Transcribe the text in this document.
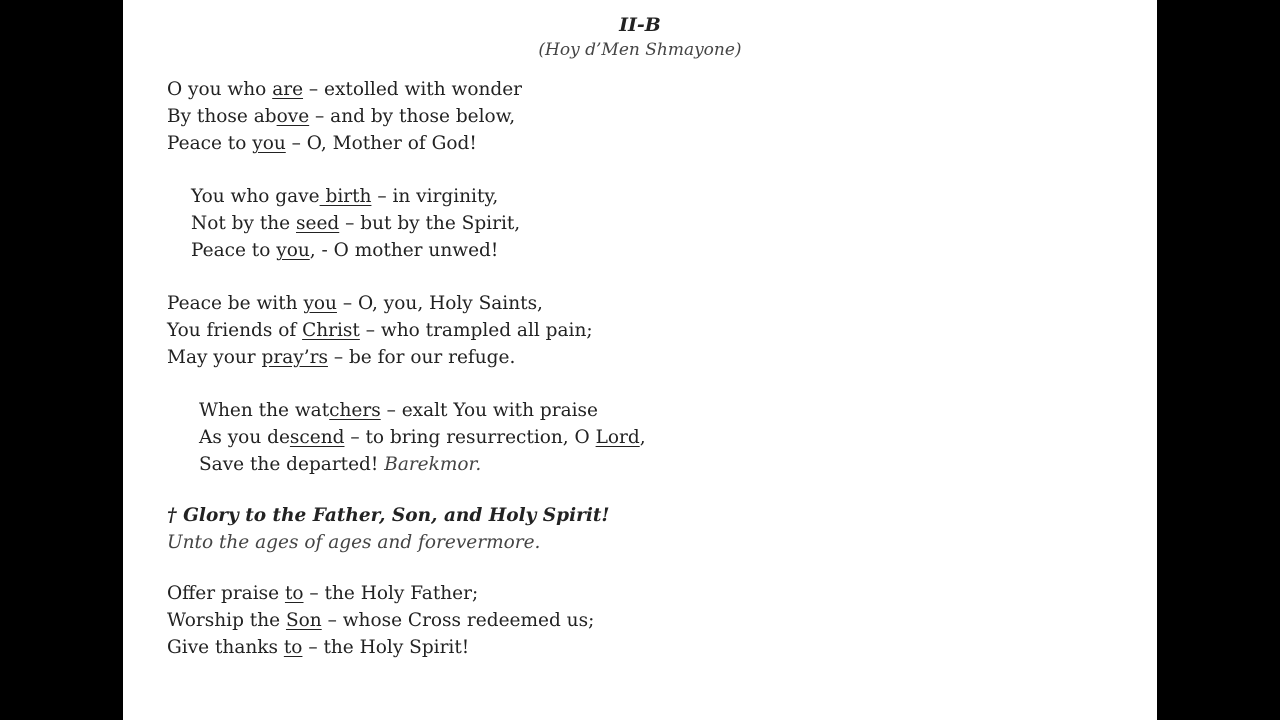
II-B
(Hoy d’Men Shmayone)
O you who are – extolled with wonder
By those above – and by those below,
Peace to you – O, Mother of God!
You who gave birth – in virginity,
Not by the seed – but by the Spirit,
Peace to you, - O mother unwed!
Peace be with you – O, you, Holy Saints,
You friends of Christ – who trampled all pain;
May your pray’rs – be for our refuge.
When the watchers – exalt You with praise
As you descend – to bring resurrection, O Lord,
Save the departed! Barekmor.
† Glory to the Father, Son, and Holy Spirit!
Unto the ages of ages and forevermore.
Offer praise to – the Holy Father;
Worship the Son – whose Cross redeemed us;
Give thanks to – the Holy Spirit!
